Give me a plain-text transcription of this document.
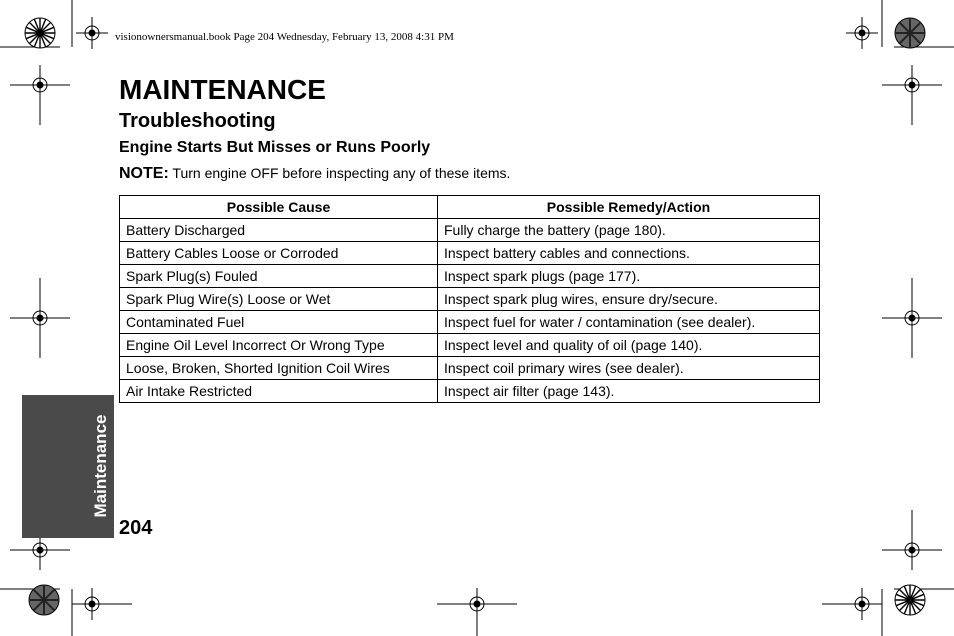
visionownersmanual.book Page 204 Wednesday, February 13, 2008 4:31 PM
MAINTENANCE
Troubleshooting
Engine Starts But Misses or Runs Poorly
NOTE: Turn engine OFF before inspecting any of these items.
Possible Cause	Possible Remedy/Action
Battery Discharged	Fully charge the battery (page 180).
Battery Cables Loose or Corroded	Inspect battery cables and connections.
Spark Plug(s) Fouled	Inspect spark plugs (page 177).
Spark Plug Wire(s) Loose or Wet	Inspect spark plug wires, ensure dry/secure.
Contaminated Fuel	Inspect fuel for water / contamination (see dealer).
Engine Oil Level Incorrect Or Wrong Type	Inspect level and quality of oil (page 140).
Loose, Broken, Shorted Ignition Coil Wires	Inspect coil primary wires (see dealer).
Air Intake Restricted	Inspect air filter (page 143).
Maintenance
204
